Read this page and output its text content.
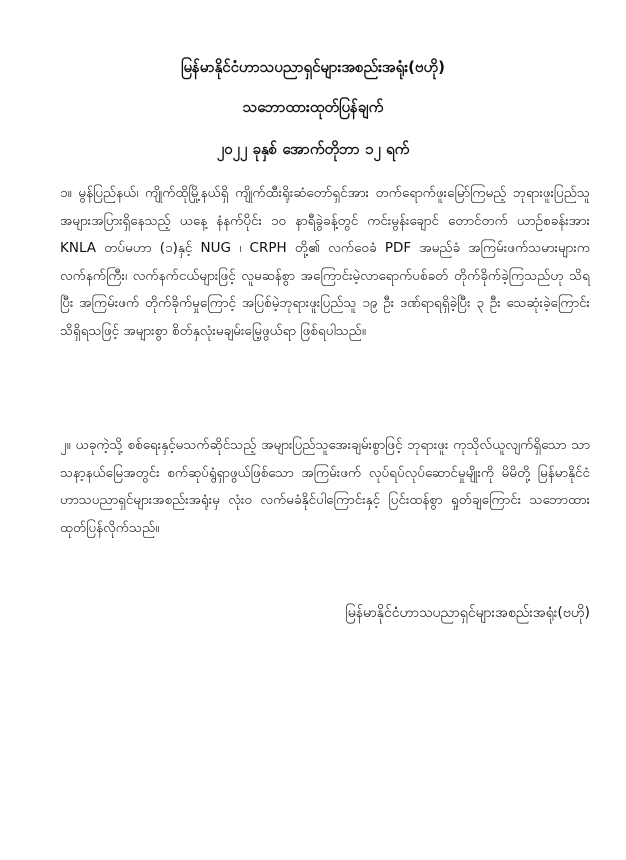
မြန်မာနိုင်ငံဟာသပညာရှင်များအစည်းအရုံး(ဗဟို)
သဘောထားထုတ်ပြန်ချက်
၂၀၂၂ ခုနှစ် အောက်တိုဘာ ၁၂ ရက်
၁။ မွန်ပြည်နယ်၊ ကျိုက်ထိုမြို့နယ်ရှိ ကျိုက်ထီးရိုးဆံတော်ရှင်အား တက်ရောက်ဖူးမြော်ကြမည့် ဘုရားဖူးပြည်သူအများအပြားရှိနေသည့် ယနေ့ နံနက်ပိုင်း ၁၀ နာရီခွဲခန့်တွင် ကင်းမွန်းချောင် တောင်တက် ယာဉ်စခန်းအား KNLA တပ်မဟာ (၁)နှင့် NUG ၊ CRPH တို့၏ လက်ဝေခံ PDF အမည်ခံ အကြမ်းဖက်သမားများက လက်နက်ကြီး၊ လက်နက်ငယ်များဖြင့် လူမဆန်စွာ အကြောင်းမဲ့လာရောက်ပစ်ခတ် တိုက်ခိုက်ခဲ့ကြသည်ဟု သိရပြီး အကြမ်းဖက် တိုက်ခိုက်မှုကြောင့် အပြစ်မဲ့ဘုရားဖူးပြည်သူ ၁၉ ဦး ဒဏ်ရာရရှိခဲ့ပြီး ၃ ဦး သေဆုံးခဲ့ကြောင်း သိရှိရသဖြင့် အများစွာ စိတ်နှလုံးမချမ်းမြေ့ဖွယ်ရာ ဖြစ်ရပါသည်။
၂။ ယခုကဲ့သို့ စစ်ရေးနှင့်မသက်ဆိုင်သည့် အများပြည်သူအေးချမ်းစွာဖြင့် ဘုရားဖူး ကုသိုလ်ယူလျက်ရှိသော သာသနာ့နယ်မြေအတွင်း စက်ဆုပ်ရွံရှာဖွယ်ဖြစ်သော အကြမ်းဖက် လုပ်ရပ်လုပ်ဆောင်မှုမျိုးကို မိမိတို့ မြန်မာနိုင်ငံဟာသပညာရှင်များအစည်းအရုံးမှ လုံးဝ လက်မခံနိုင်ပါကြောင်းနှင့် ပြင်းထန်စွာ ရှုတ်ချကြောင်း သဘောထားထုတ်ပြန်လိုက်သည်။
မြန်မာနိုင်ငံဟာသပညာရှင်များအစည်းအရုံး(ဗဟို)
